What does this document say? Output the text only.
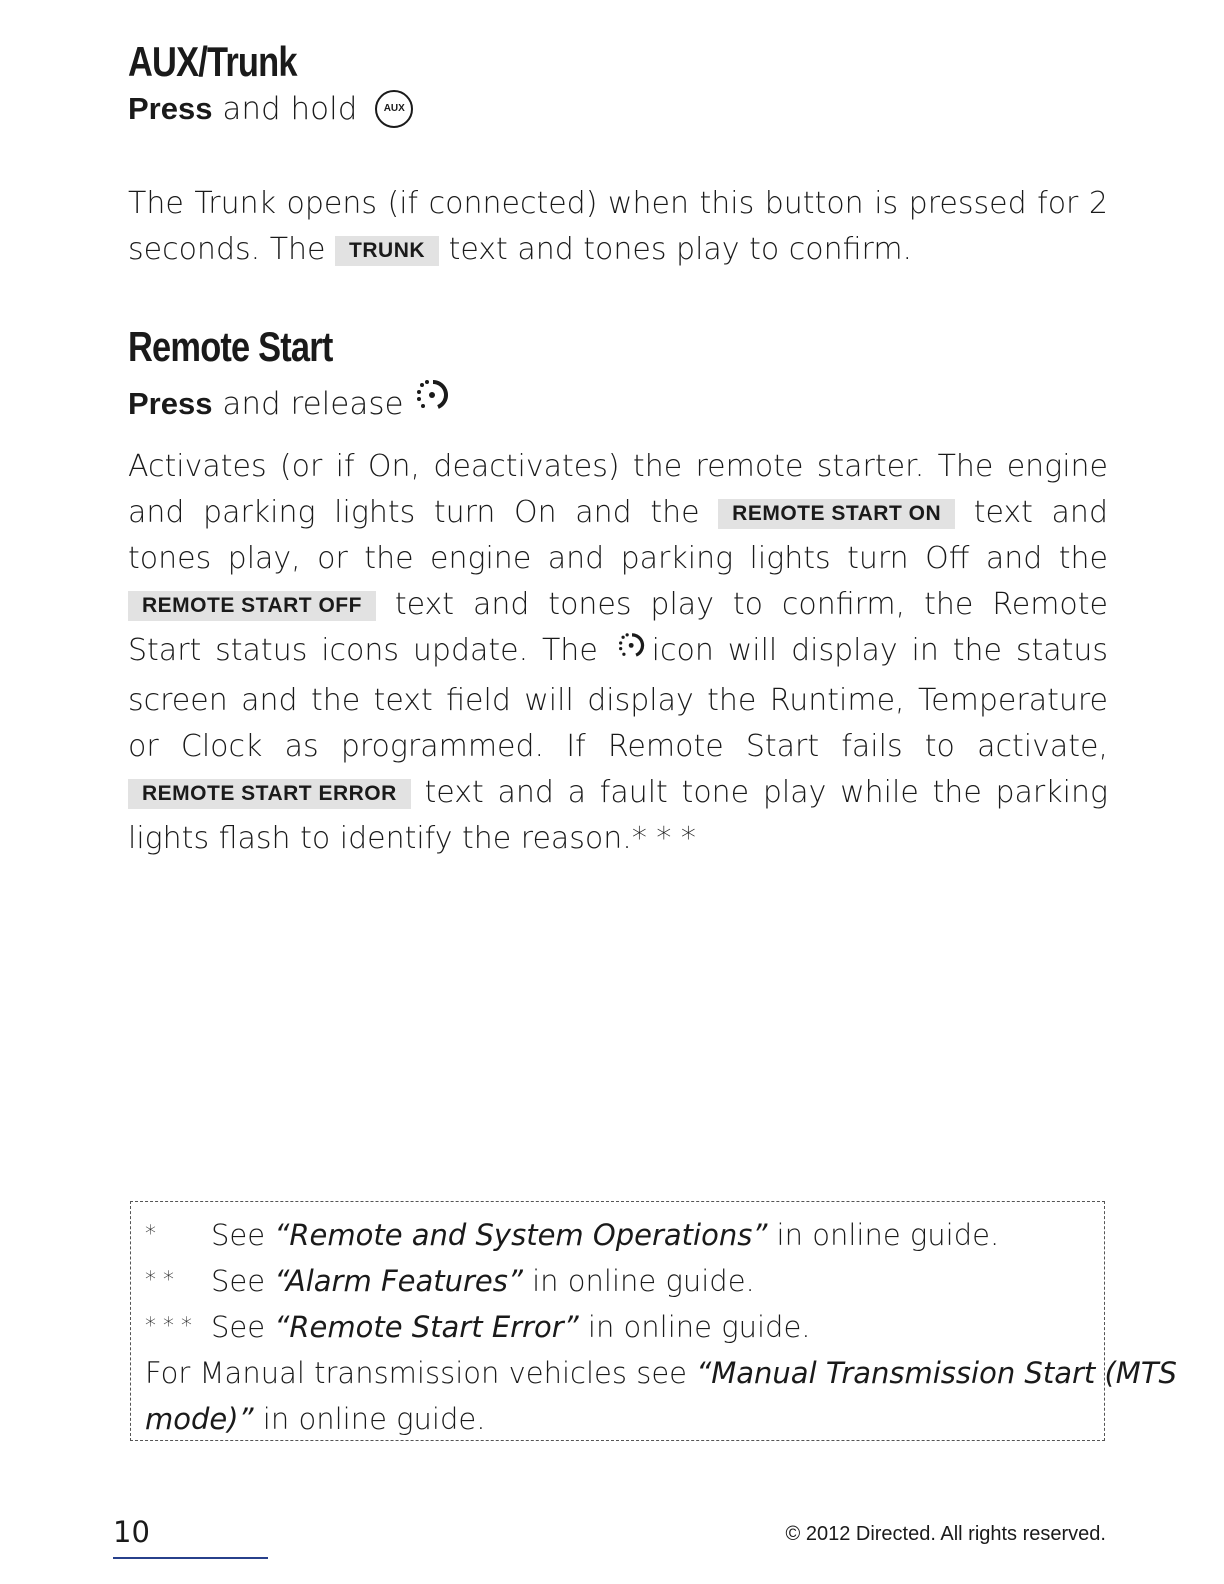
AUX/Trunk
Press and hold	AUX
The Trunk opens (if connected) when this button is pressed for 2 seconds. The TRUNK text and tones play to confirm.
Remote Start
Press and release
Activates (or if On, deactivates) the remote starter. The engine and parking lights turn On and the REMOTE START ON text and tones play, or the engine and parking lights turn Off and the REMOTE START OFF text and tones play to confirm, the Remote Start status icons update. The icon will display in the status screen and the text field will display the Runtime, Temperature or Clock as programmed. If Remote Start fails to activate, REMOTE START ERROR text and a fault tone play while the parking lights flash to identify the reason.* * *
* See “Remote and System Operations” in online guide.
* * See “Alarm Features” in online guide.
* * * See “Remote Start Error” in online guide.
For Manual transmission vehicles see “Manual Transmission Start (MTS
mode)” in online guide.
10	© 2012 Directed. All rights reserved.
